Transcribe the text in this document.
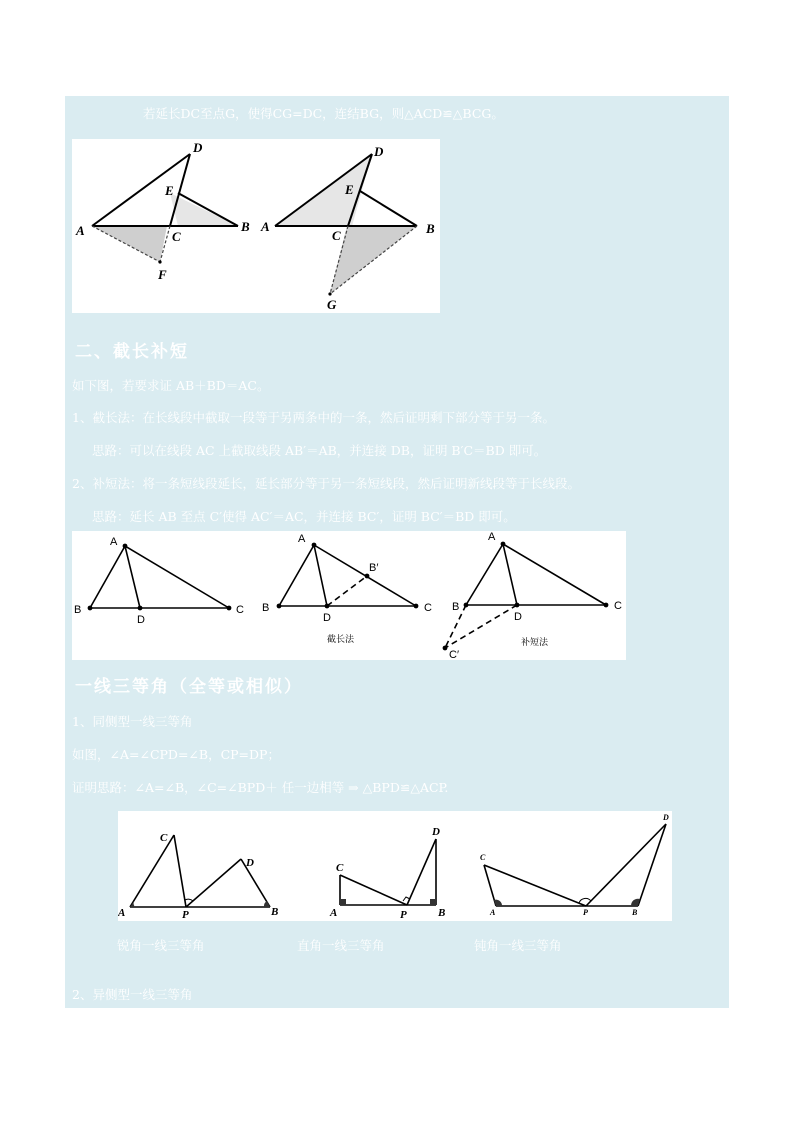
若延长DC至点G，使得CG=DC，连结BG，则△ACD≌△BCG。
A
D
E
C
B
F
A
D
E
C	B
G
二、截长补短
如下图，若要求证 AB＋BD＝AC。
1、截长法：在长线段中截取一段等于另两条中的一条，然后证明剩下部分等于另一条。
思路：可以在线段 AC 上截取线段 AB′＝AB，并连接 DB，证明 B′C＝BD 即可。
2、补短法：将一条短线段延长，延长部分等于另一条短线段，然后证明新线段等于长线段。
思路：延长 AB 至点 C′使得 AC′＝AC，并连接 BC′，证明 BC′＝BD 即可。
A
B
D
C
A
B
D
C
B′
截长法
A
B
D
C
C′
补短法
一线三等角（全等或相似）
1、同侧型一线三等角
如图，∠A=∠CPD=∠B，CP=DP；
证明思路：∠A=∠B，∠C=∠BPD＋ 任一边相等 ⇒ △BPD≌△ACP.
A
C
P
D
B	A
C
P
D
B	A
C
P
D
B
锐角一线三等角	直角一线三等角	钝角一线三等角
2、异侧型一线三等角
